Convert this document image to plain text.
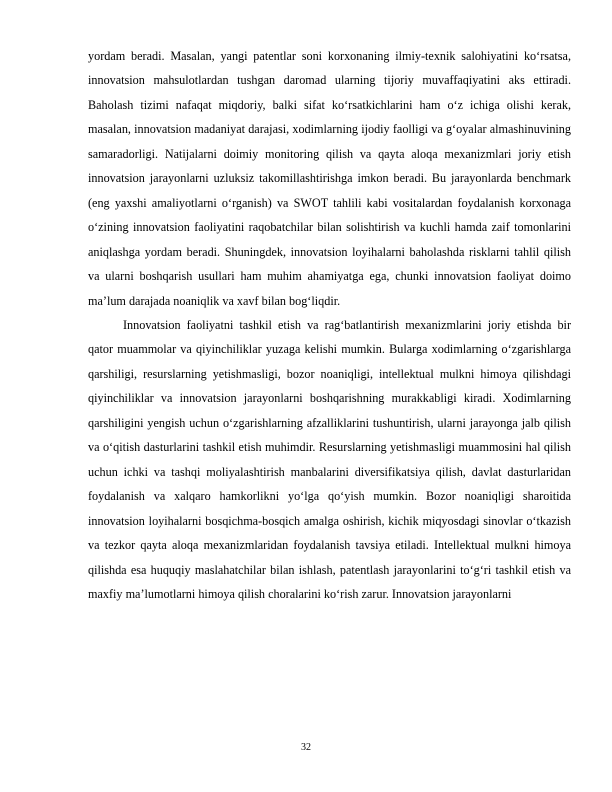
yordam beradi. Masalan, yangi patentlar soni korxonaning ilmiy-texnik salohiyatini ko‘rsatsa, innovatsion mahsulotlardan tushgan daromad ularning tijoriy muvaffaqiyatini aks ettiradi. Baholash tizimi nafaqat miqdoriy, balki sifat ko‘rsatkichlarini ham o‘z ichiga olishi kerak, masalan, innovatsion madaniyat darajasi, xodimlarning ijodiy faolligi va g‘oyalar almashinuvining samaradorligi. Natijalarni doimiy monitoring qilish va qayta aloqa mexanizmlari joriy etish innovatsion jarayonlarni uzluksiz takomillashtirishga imkon beradi. Bu jarayonlarda benchmark (eng yaxshi amaliyotlarni o‘rganish) va SWOT tahlili kabi vositalardan foydalanish korxonaga o‘zining innovatsion faoliyatini raqobatchilar bilan solishtirish va kuchli hamda zaif tomonlarini aniqlashga yordam beradi. Shuningdek, innovatsion loyihalarni baholashda risklarni tahlil qilish va ularni boshqarish usullari ham muhim ahamiyatga ega, chunki innovatsion faoliyat doimo ma’lum darajada noaniqlik va xavf bilan bog‘liqdir.

Innovatsion faoliyatni tashkil etish va rag‘batlantirish mexanizmlarini joriy etishda bir qator muammolar va qiyinchiliklar yuzaga kelishi mumkin. Bularga xodimlarning o‘zgarishlarga qarshiligi, resurslarning yetishmasligi, bozor noaniqligi, intellektual mulkni himoya qilishdagi qiyinchiliklar va innovatsion jarayonlarni boshqarishning murakkabligi kiradi. Xodimlarning qarshiligini yengish uchun o‘zgarishlarning afzalliklarini tushuntirish, ularni jarayonga jalb qilish va o‘qitish dasturlarini tashkil etish muhimdir. Resurslarning yetishmasligi muammosini hal qilish uchun ichki va tashqi moliyalashtirish manbalarini diversifikatsiya qilish, davlat dasturlaridan foydalanish va xalqaro hamkorlikni yo‘lga qo‘yish mumkin. Bozor noaniqligi sharoitida innovatsion loyihalarni bosqichma-bosqich amalga oshirish, kichik miqyosdagi sinovlar o‘tkazish va tezkor qayta aloqa mexanizmlaridan foydalanish tavsiya etiladi. Intellektual mulkni himoya qilishda esa huquqiy maslahatchilar bilan ishlash, patentlash jarayonlarini to‘g‘ri tashkil etish va maxfiy ma’lumotlarni himoya qilish choralarini ko‘rish zarur. Innovatsion jarayonlarni

32
